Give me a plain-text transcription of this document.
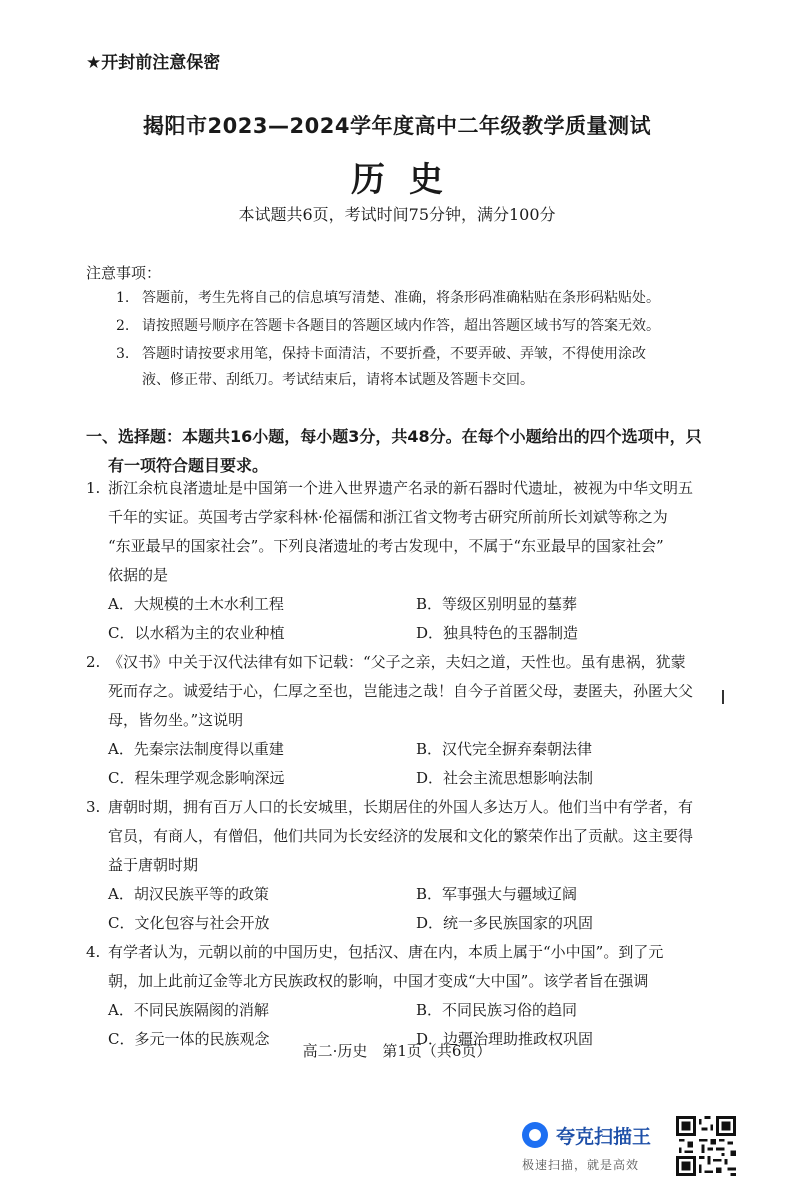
★开封前注意保密
揭阳市2023—2024学年度高中二年级教学质量测试
历史
本试题共6页，考试时间75分钟，满分100分
注意事项：
1. 答题前，考生先将自己的信息填写清楚、准确，将条形码准确粘贴在条形码粘贴处。
2. 请按照题号顺序在答题卡各题目的答题区域内作答，超出答题区域书写的答案无效。
3. 答题时请按要求用笔，保持卡面清洁，不要折叠，不要弄破、弄皱，不得使用涂改
液、修正带、刮纸刀。考试结束后，请将本试题及答题卡交回。
一、选择题：本题共16小题，每小题3分，共48分。在每个小题给出的四个选项中，只
有一项符合题目要求。
1. 浙江余杭良渚遗址是中国第一个进入世界遗产名录的新石器时代遗址，被视为中华文明五
千年的实证。英国考古学家科林·伦福儒和浙江省文物考古研究所前所长刘斌等称之为
“东亚最早的国家社会”。下列良渚遗址的考古发现中，不属于“东亚最早的国家社会”
依据的是
A．大规模的土木水利工程	B．等级区别明显的墓葬
C．以水稻为主的农业种植	D．独具特色的玉器制造
2. 《汉书》中关于汉代法律有如下记载：“父子之亲，夫妇之道，天性也。虽有患祸，犹蒙
死而存之。诚爱结于心，仁厚之至也，岂能违之哉！自今子首匿父母，妻匿夫，孙匿大父
母，皆勿坐。”这说明
A．先秦宗法制度得以重建	B．汉代完全摒弃秦朝法律
C．程朱理学观念影响深远	D．社会主流思想影响法制
3. 唐朝时期，拥有百万人口的长安城里，长期居住的外国人多达万人。他们当中有学者，有
官员，有商人，有僧侣，他们共同为长安经济的发展和文化的繁荣作出了贡献。这主要得
益于唐朝时期
A．胡汉民族平等的政策	B．军事强大与疆域辽阔
C．文化包容与社会开放	D．统一多民族国家的巩固
4. 有学者认为，元朝以前的中国历史，包括汉、唐在内，本质上属于“小中国”。到了元
朝，加上此前辽金等北方民族政权的影响，中国才变成“大中国”。该学者旨在强调
A．不同民族隔阂的消解	B．不同民族习俗的趋同
C．多元一体的民族观念	D．边疆治理助推政权巩固
高二·历史　第1页（共6页）
夸克扫描王
极速扫描，就是高效
